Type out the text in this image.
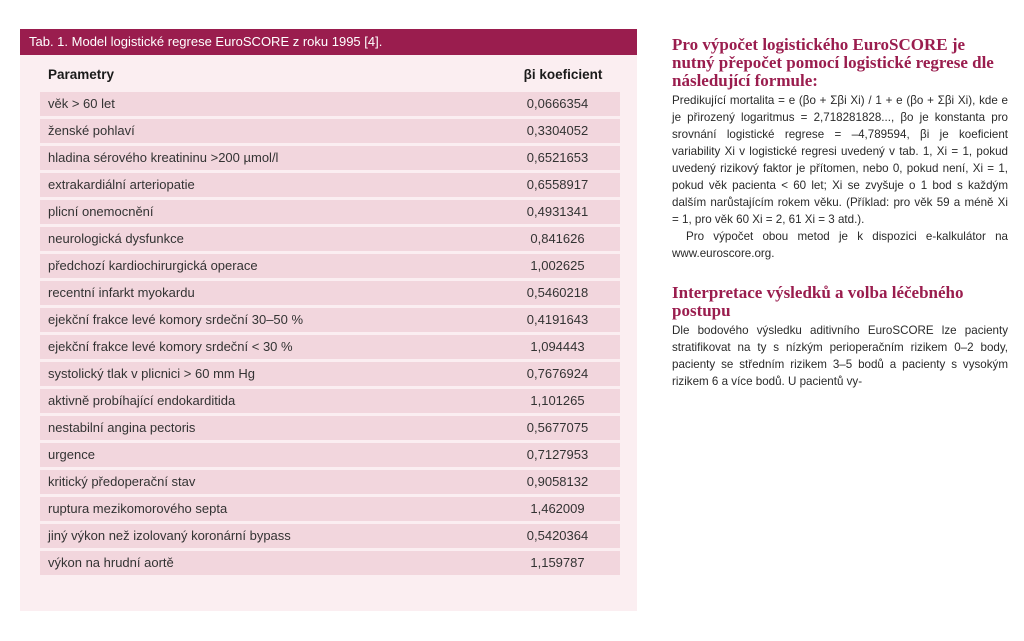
Tab. 1. Model logistické regrese EuroSCORE z roku 1995 [4].
Parametry	βi koeficient
věk > 60 let	0,0666354
ženské pohlaví	0,3304052
hladina sérového kreatininu >200 µmol/l	0,6521653
extrakardiální arteriopatie	0,6558917
plicní onemocnění	0,4931341
neurologická dysfunkce	0,841626
předchozí kardiochirurgická operace	1,002625
recentní infarkt myokardu	0,5460218
ejekční frakce levé komory srdeční 30–50 %	0,4191643
ejekční frakce levé komory srdeční < 30 %	1,094443
systolický tlak v plicnici > 60 mm Hg	0,7676924
aktivně probíhající endokarditida	1,101265
nestabilní angina pectoris	0,5677075
urgence	0,7127953
kritický předoperační stav	0,9058132
ruptura mezikomorového septa	1,462009
jiný výkon než izolovaný koronární bypass	0,5420364
výkon na hrudní aortě	1,159787
Pro výpočet logistického EuroSCORE je nutný přepočet pomocí logistické regrese dle následující formule:

Predikující mortalita = e (βo + Σβi Xi) / 1 + e (βo + Σβi Xi), kde e je přirozený logaritmus = 2,718281828..., βo je konstanta pro srovnání logistické regrese = –4,789594, βi je koeficient variability Xi v logistické regresi uvedený v tab. 1, Xi = 1, pokud uvedený rizikový faktor je přítomen, nebo 0, pokud není, Xi = 1, pokud věk pacienta < 60 let; Xi se zvyšuje o 1 bod s každým dalším narůstajícím rokem věku. (Příklad: pro věk 59 a méně Xi = 1, pro věk 60 Xi = 2, 61 Xi = 3 atd.).

Pro výpočet obou metod je k dispozici e-kalkulátor na www.euroscore.org.

Interpretace výsledků a volba léčebného postupu

Dle bodového výsledku aditivního EuroSCORE lze pacienty stratifikovat na ty s nízkým perioperačním rizikem 0–2 body, pacienty se středním rizikem 3–5 bodů a pacienty s vysokým rizikem 6 a více bodů. U pacientů vy-
